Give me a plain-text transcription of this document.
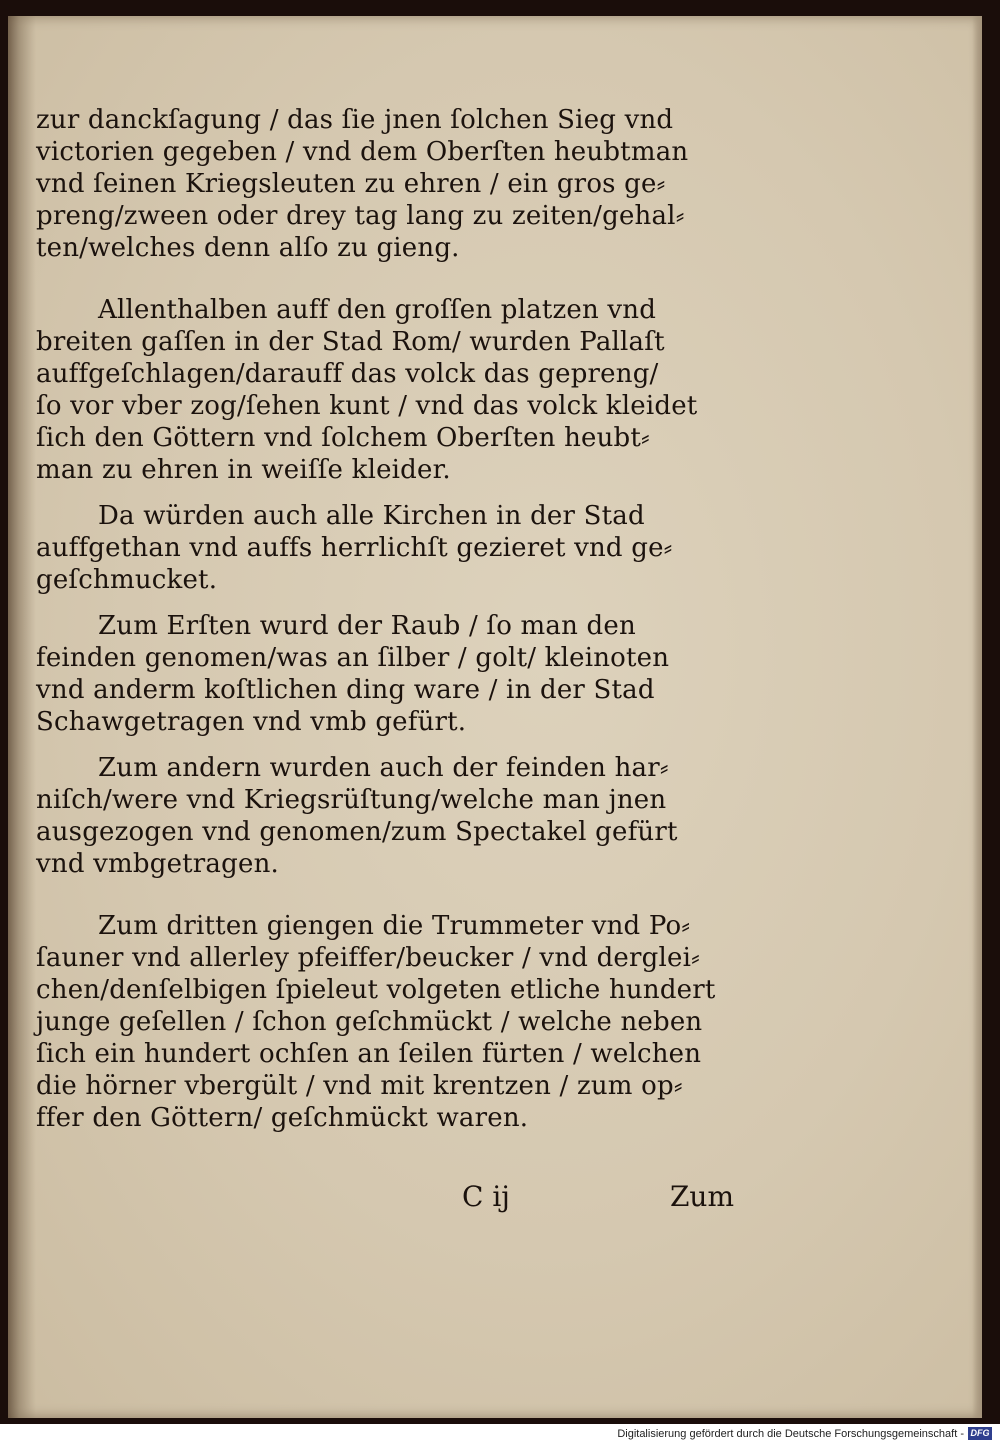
zur danckſagung / das ſie jnen ſolchen Sieg vnd
victorien gegeben / vnd dem Oberſten heubtman
vnd ſeinen Kriegsleuten zu ehren / ein gros ge⸗
preng/zween oder drey tag lang zu zeiten/gehal⸗
ten/welches denn alſo zu gieng.
Allenthalben auff den groſſen platzen vnd
breiten gaſſen in der Stad Rom/ wurden Pallaſt
auffgeſchlagen/darauff das volck das gepreng/
ſo vor vber zog/ſehen kunt / vnd das volck kleidet
ſich den Göttern vnd ſolchem Oberſten heubt⸗
man zu ehren in weiſſe kleider.
Da würden auch alle Kirchen in der Stad
auffgethan vnd auffs herrlichſt gezieret vnd ge⸗
geſchmucket.
Zum Erſten wurd der Raub / ſo man den
feinden genomen/was an ſilber / golt/ kleinoten
vnd anderm koſtlichen ding ware / in der Stad
Schawgetragen vnd vmb gefürt.
Zum andern wurden auch der feinden har⸗
niſch/were vnd Kriegsrüſtung/welche man jnen
ausgezogen vnd genomen/zum Spectakel gefürt
vnd vmbgetragen.
Zum dritten giengen die Trummeter vnd Po⸗
ſauner vnd allerley pfeiffer/beucker / vnd derglei⸗
chen/denſelbigen ſpieleut volgeten etliche hundert
junge geſellen / ſchon geſchmückt / welche neben
ſich ein hundert ochſen an ſeilen fürten / welchen
die hörner vbergült / vnd mit krentzen / zum op⸗
ffer den Göttern/ geſchmückt waren.
C ij	Zum
Digitalisierung gefördert durch die Deutsche Forschungsgemeinschaft - DFG
